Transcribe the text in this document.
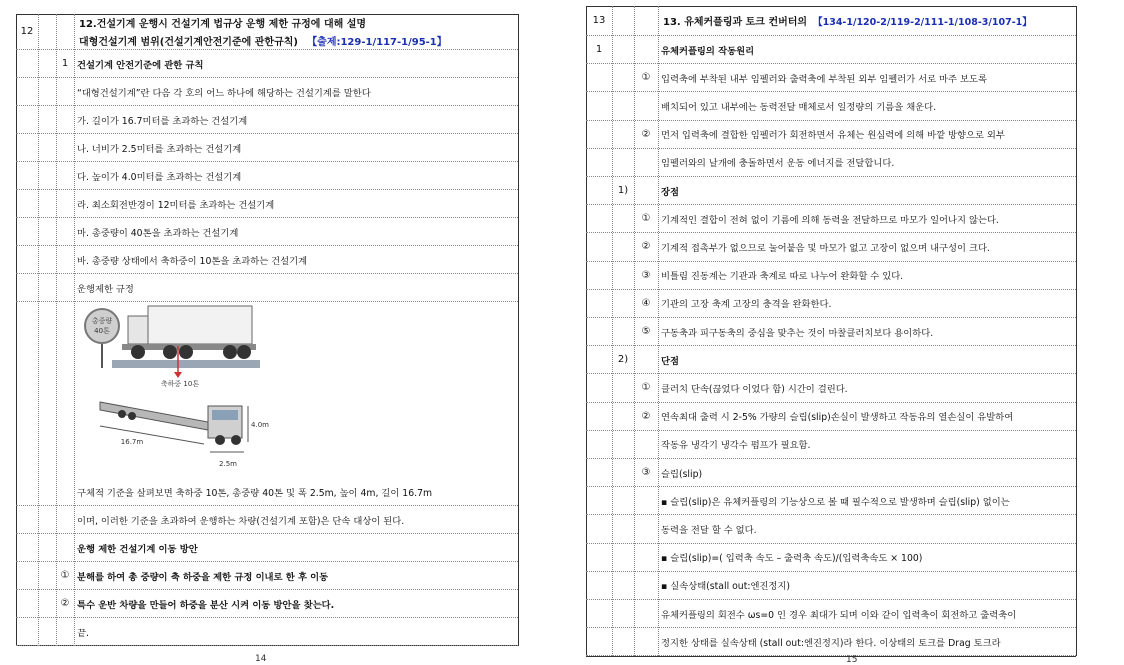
12
12.건설기계 운행시 건설기계 법규상 운행 제한 규정에 대해 설명
대형건설기계 범위(건설기계안전기준에 관한규칙) 【출제:129-1/117-1/95-1】
1 건설기계 안전기준에 관한 규칙
“대형건설기계”란 다음 각 호의 어느 하나에 해당하는 건설기계를 말한다
가. 길이가 16.7미터를 초과하는 건설기계
나. 너비가 2.5미터를 초과하는 건설기계
다. 높이가 4.0미터를 초과하는 건설기계
라. 최소회전반경이 12미터를 초과하는 건설기계
마. 총중량이 40톤을 초과하는 건설기계
바. 총중량 상태에서 축하중이 10톤을 초과하는 건설기계
운행제한 규정
총중량
40톤
축하중 10톤
4.0m
16.7m
2.5m
구체적 기준을 살펴보면 축하중 10톤, 총중량 40톤 및 폭 2.5m, 높이 4m, 길이 16.7m
이며, 이러한 기준을 초과하여 운행하는 차량(건설기계 포함)은 단속 대상이 된다.
운행 제한 건설기계 이동 방안
① 분해를 하여 총 중량이 축 하중을 제한 규정 이내로 한 후 이동
② 특수 운반 차량을 만들어 하중을 분산 시켜 이동 방안을 찾는다.
끝.
14
13	13. 유체커플링과 토크 컨버터의 【134-1/120-2/119-2/111-1/108-3/107-1】
1	유체커플링의 작동원리
①	입력축에 부착된 내부 임펠러와 출력축에 부착된 외부 임펠러가 서로 마주 보도록
배치되어 있고 내부에는 동력전달 매체로서 일정량의 기름을 채운다.
②	먼저 입력축에 결합한 임펠러가 회전하면서 유체는 원심력에 의해 바깥 방향으로 외부
임펠러와의 날개에 충돌하면서 운동 에너지를 전달합니다.
1)	장점
①	기계적인 결합이 전혀 없이 기름에 의해 동력을 전달하므로 마모가 일어나지 않는다.
②	기계적 접촉부가 없으므로 눌어붙음 및 마모가 없고 고장이 없으며 내구성이 크다.
③	비틀림 진동계는 기관과 축계로 따로 나누어 완화할 수 있다.
④	기관의 고장 축계 고장의 충격을 완화한다.
⑤	구동축과 피구동축의 중심을 맞추는 것이 마찰클러치보다 용이하다.
2)	단점
①	클러치 단속(끊었다 이었다 함) 시간이 걸린다.
②	연속최대 출력 시 2-5% 가량의 슬립(slip)손실이 발생하고 작동유의 열손실이 유발하여
작동유 냉각기 냉각수 펌프가 필요함.
③	슬립(slip)
▪ 슬립(slip)은 유체커플링의 기능상으로 볼 때 필수적으로 발생하며 슬립(slip) 없이는
동력을 전달 할 수 없다.
▪ 슬립(slip)=( 입력축 속도 – 출력축 속도)/(입력축속도 × 100)
▪ 실속상태(stall out:엔진정지)
유체커플링의 회전수 ωs=0 인 경우 최대가 되며 이와 같이 입력축이 회전하고 출력축이
정지한 상태를 실속상태 (stall out:엔진정지)라 한다. 이상태의 토크를 Drag 토크라
15
